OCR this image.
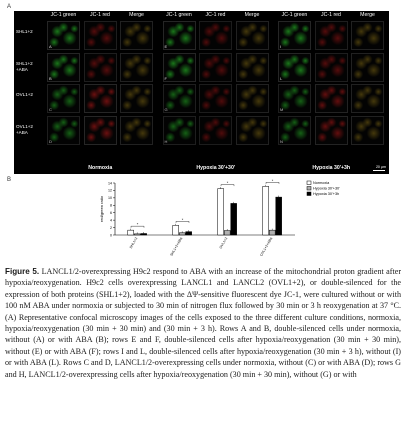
A
JC-1 green	JC-1 red	Merge	JC-1 green	JC-1 red	Merge	JC-1 green	JC-1 red	Merge
SHL1+2
A	E	I
SHL1+2 +ABA
B	F	L
OVL1+2
C	G	M
OVL1+2 +ABA
D	H	N
Normoxia	Hypoxia 30'+30'	Hypoxia 30'+3h	20 μm
B
0
2
4
6
8
10
12
14
red/green ratio
*
SHL1+2
*
SHL1+2+ABA
*
OVL1+2
*
OVL1+2+ABA
Normoxia
Hypoxia 30'+30'
Hypoxia 30'+3h
Figure 5. LANCL1/2-overexpressing H9c2 respond to ABA with an increase of the mitochondrial proton gradient after hypoxia/reoxygenation. H9c2 cells overexpressing LANCL1 and LANCL2 (OVL1+2), or double-silenced for the expression of both proteins (SHL1+2), loaded with the ΔΨ-sensitive fluorescent dye JC-1, were cultured without or with 100 nM ABA under normoxia or subjected to 30 min of nitrogen flux followed by 30 min or 3 h reoxygenation at 37 °C. (A) Representative confocal microscopy images of the cells exposed to the three different culture conditions, normoxia, hypoxia/reoxygenation (30 min + 30 min) and (30 min + 3 h). Rows A and B, double-silenced cells under normoxia, without (A) or with ABA (B); rows E and F, double-silenced cells after hypoxia/reoxygenation (30 min + 30 min), without (E) or with ABA (F); rows I and L, double-silenced cells after hypoxia/reoxygenation (30 min + 3 h), without (I) or with ABA (L). Rows C and D, LANCL1/2-overexpressing cells under normoxia, without (C) or with ABA (D); rows G and H, LANCL1/2-overexpressing cells after hypoxia/reoxygenation (30 min + 30 min), without (G) or with
